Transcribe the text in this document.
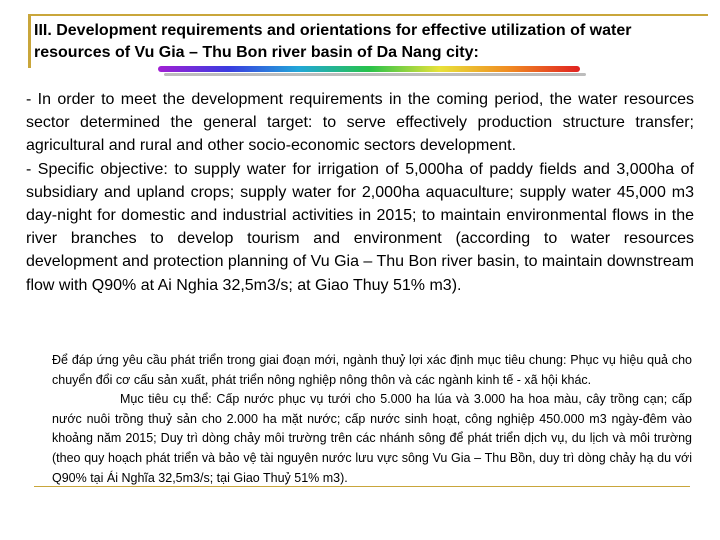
III. Development requirements and orientations for effective utilization of water resources of Vu Gia – Thu Bon river basin of Da Nang city:

- In order to meet the development requirements in the coming period, the water resources sector determined the general target: to serve effectively production structure transfer; agricultural and rural and other socio-economic sectors development.

- Specific objective: to supply water for irrigation of 5,000ha of paddy fields and 3,000ha of subsidiary and upland crops; supply water for 2,000ha aquaculture; supply water 45,000 m3 day-night for domestic and industrial activities in 2015; to maintain environmental flows in the river branches to develop tourism and environment (according to water resources development and protection planning of Vu Gia – Thu Bon river basin, to maintain downstream flow with Q90% at Ai Nghia 32,5m3/s; at Giao Thuy 51% m3).

Để đáp ứng yêu cầu phát triển trong giai đoạn mới, ngành thuỷ lợi xác định mục tiêu chung: Phục vụ hiệu quả cho chuyển đổi cơ cấu sản xuất, phát triển nông nghiệp nông thôn và các ngành kinh tế - xã hội khác.

Mục tiêu cụ thể: Cấp nước phục vụ tưới cho 5.000 ha lúa và 3.000 ha hoa màu, cây trồng cạn; cấp nước nuôi trồng thuỷ sản cho 2.000 ha mặt nước; cấp nước sinh hoạt, công nghiệp 450.000 m3 ngày-đêm vào khoảng năm 2015; Duy trì dòng chảy môi trường trên các nhánh sông để phát triển dịch vụ, du lịch và môi trường (theo quy hoạch phát triển và bảo vệ tài nguyên nước lưu vực sông Vu Gia – Thu Bồn, duy trì dòng chảy hạ du với Q90% tại Ái Nghĩa 32,5m3/s; tại Giao Thuỷ 51% m3).
